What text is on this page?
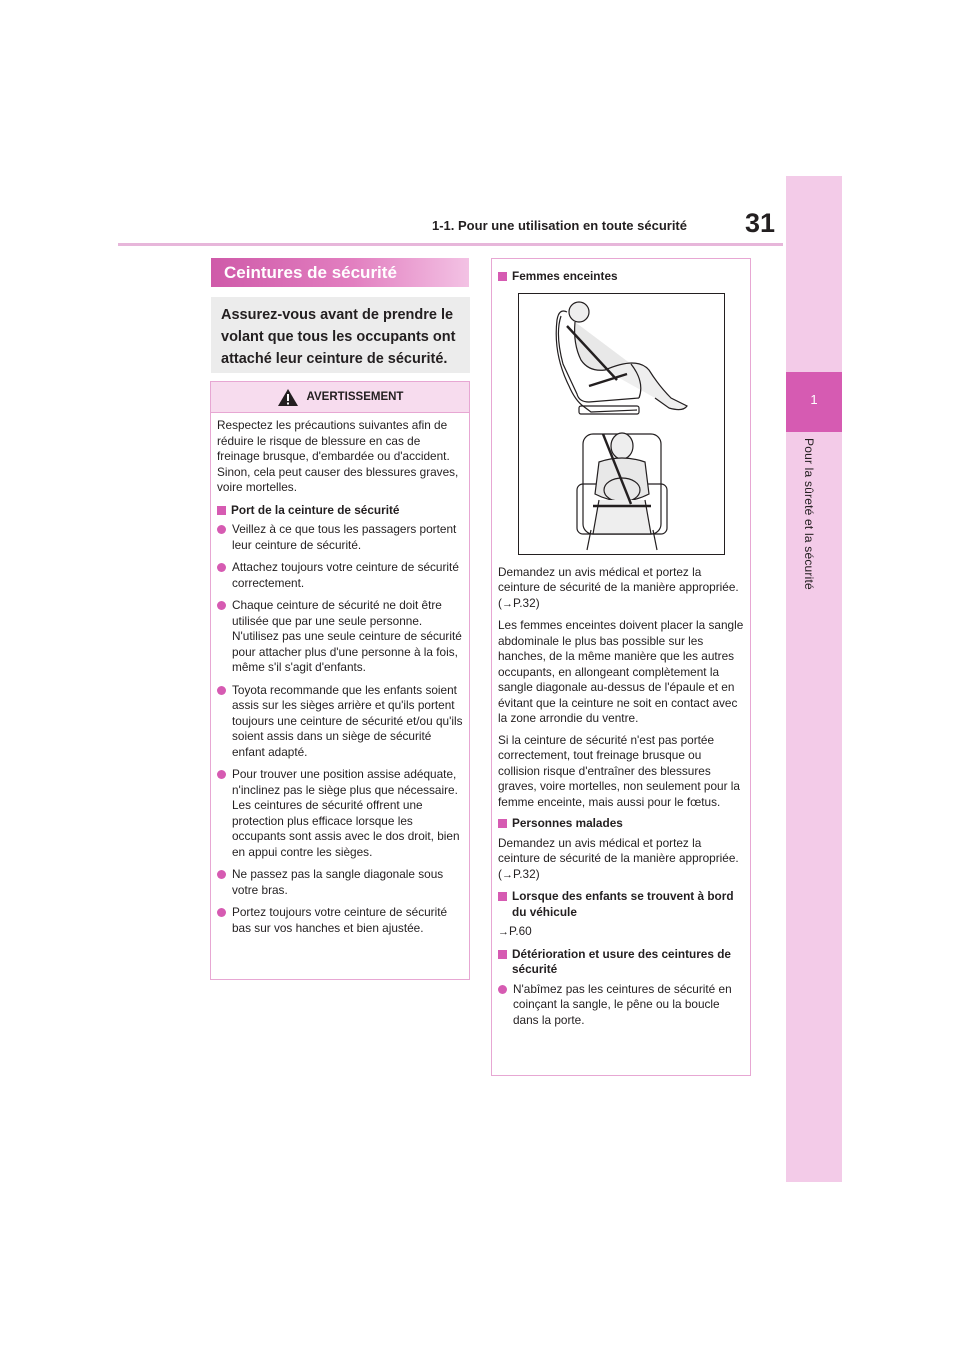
31
1-1. Pour une utilisation en toute sécurité
1
Pour la sûreté et la sécurité
Ceintures de sécurité
Assurez-vous avant de prendre le volant que tous les occupants ont attaché leur ceinture de sécurité.
AVERTISSEMENT

Respectez les précautions suivantes afin de réduire le risque de blessure en cas de freinage brusque, d'embardée ou d'accident. Sinon, cela peut causer des blessures graves, voire mortelles.

Port de la ceinture de sécurité
Veillez à ce que tous les passagers portent leur ceinture de sécurité.
Attachez toujours votre ceinture de sécurité correctement.
Chaque ceinture de sécurité ne doit être utilisée que par une seule personne. N'utilisez pas une seule ceinture de sécurité pour attacher plus d'une personne à la fois, même s'il s'agit d'enfants.
Toyota recommande que les enfants soient assis sur les sièges arrière et qu'ils portent toujours une ceinture de sécurité et/ou qu'ils soient assis dans un siège de sécurité enfant adapté.
Pour trouver une position assise adéquate, n'inclinez pas le siège plus que nécessaire. Les ceintures de sécurité offrent une protection plus efficace lorsque les occupants sont assis avec le dos droit, bien en appui contre les sièges.
Ne passez pas la sangle diagonale sous votre bras.
Portez toujours votre ceinture de sécurité bas sur vos hanches et bien ajustée.
Femmes enceintes

Demandez un avis médical et portez la ceinture de sécurité de la manière appropriée. (→P.32)

Les femmes enceintes doivent placer la sangle abdominale le plus bas possible sur les hanches, de la même manière que les autres occupants, en allongeant complètement la sangle diagonale au-dessus de l'épaule et en évitant que la ceinture ne soit en contact avec la zone arrondie du ventre.

Si la ceinture de sécurité n'est pas portée correctement, tout freinage brusque ou collision risque d'entraîner des blessures graves, voire mortelles, non seulement pour la femme enceinte, mais aussi pour le fœtus.

Personnes malades

Demandez un avis médical et portez la ceinture de sécurité de la manière appropriée. (→P.32)

Lorsque des enfants se trouvent à bord du véhicule

→P.60

Détérioration et usure des ceintures de sécurité
N'abîmez pas les ceintures de sécurité en coinçant la sangle, le pêne ou la boucle dans la porte.
